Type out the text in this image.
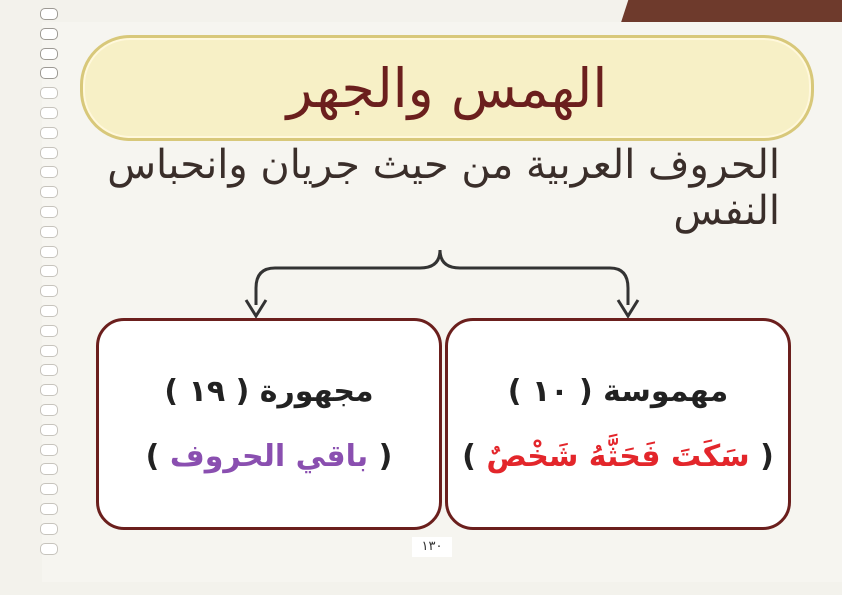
الهمس والجهر
الحروف العربية من حيث جريان وانحباس النفس
مجهورة ( ١٩ )
( باقي الحروف )
مهموسة ( ١٠ )
( سَكَتَ فَحَثَّهُ شَخْصٌ )
١٣٠
